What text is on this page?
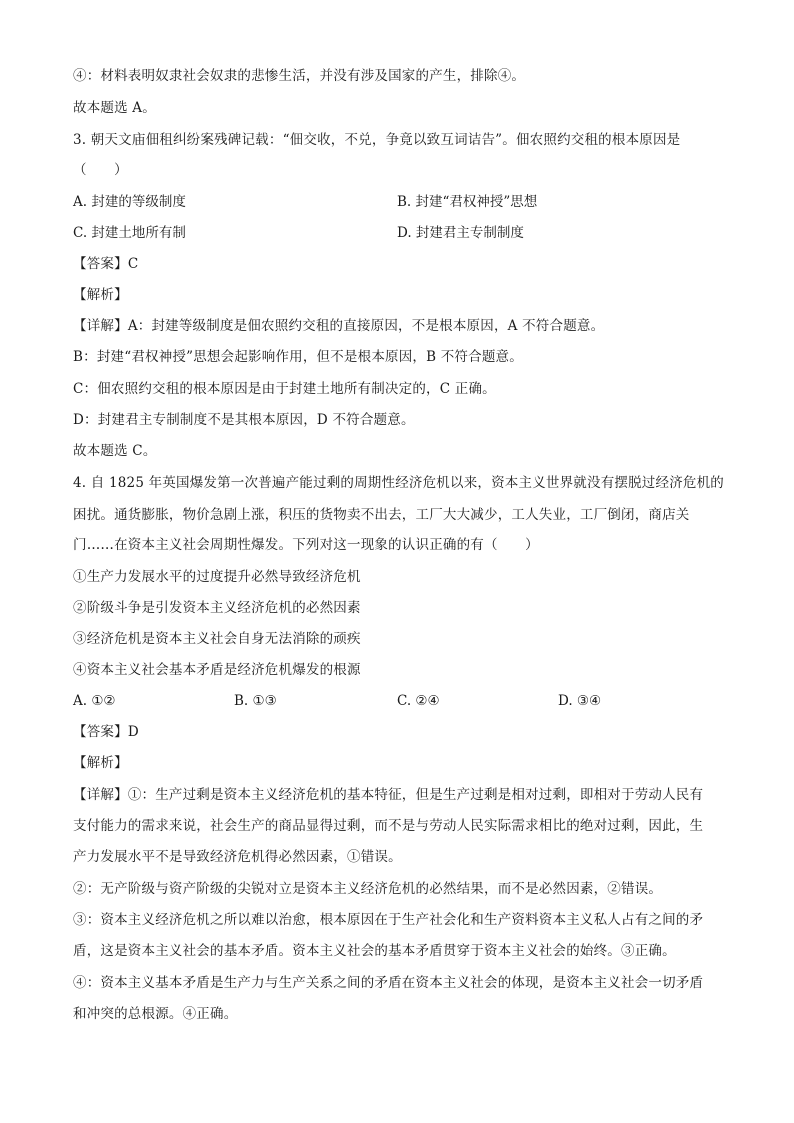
④：材料表明奴隶社会奴隶的悲惨生活，并没有涉及国家的产生，排除④。
故本题选 A。
3. 朝天文庙佃租纠纷案残碑记载：“佃交收，不兑，争竟以致互词诘告”。佃农照约交租的根本原因是
（　　）
A. 封建的等级制度	B. 封建“君权神授”思想
C. 封建土地所有制	D. 封建君主专制制度
【答案】C
【解析】
【详解】A：封建等级制度是佃农照约交租的直接原因，不是根本原因，A 不符合题意。
B：封建“君权神授”思想会起影响作用，但不是根本原因，B 不符合题意。
C：佃农照约交租的根本原因是由于封建土地所有制决定的，C 正确。
D：封建君主专制制度不是其根本原因，D 不符合题意。
故本题选 C。
4. 自 1825 年英国爆发第一次普遍产能过剩的周期性经济危机以来，资本主义世界就没有摆脱过经济危机的
困扰。通货膨胀，物价急剧上涨，积压的货物卖不出去，工厂大大减少，工人失业，工厂倒闭，商店关
门……在资本主义社会周期性爆发。下列对这一现象的认识正确的有（　　）
①生产力发展水平的过度提升必然导致经济危机
②阶级斗争是引发资本主义经济危机的必然因素
③经济危机是资本主义社会自身无法消除的顽疾
④资本主义社会基本矛盾是经济危机爆发的根源
A. ①②	B. ①③	C. ②④	D. ③④
【答案】D
【解析】
【详解】①：生产过剩是资本主义经济危机的基本特征，但是生产过剩是相对过剩，即相对于劳动人民有
支付能力的需求来说，社会生产的商品显得过剩，而不是与劳动人民实际需求相比的绝对过剩，因此，生
产力发展水平不是导致经济危机得必然因素，①错误。
②：无产阶级与资产阶级的尖锐对立是资本主义经济危机的必然结果，而不是必然因素，②错误。
③：资本主义经济危机之所以难以治愈，根本原因在于生产社会化和生产资料资本主义私人占有之间的矛
盾，这是资本主义社会的基本矛盾。资本主义社会的基本矛盾贯穿于资本主义社会的始终。③正确。
④：资本主义基本矛盾是生产力与生产关系之间的矛盾在资本主义社会的体现，是资本主义社会一切矛盾
和冲突的总根源。④正确。
